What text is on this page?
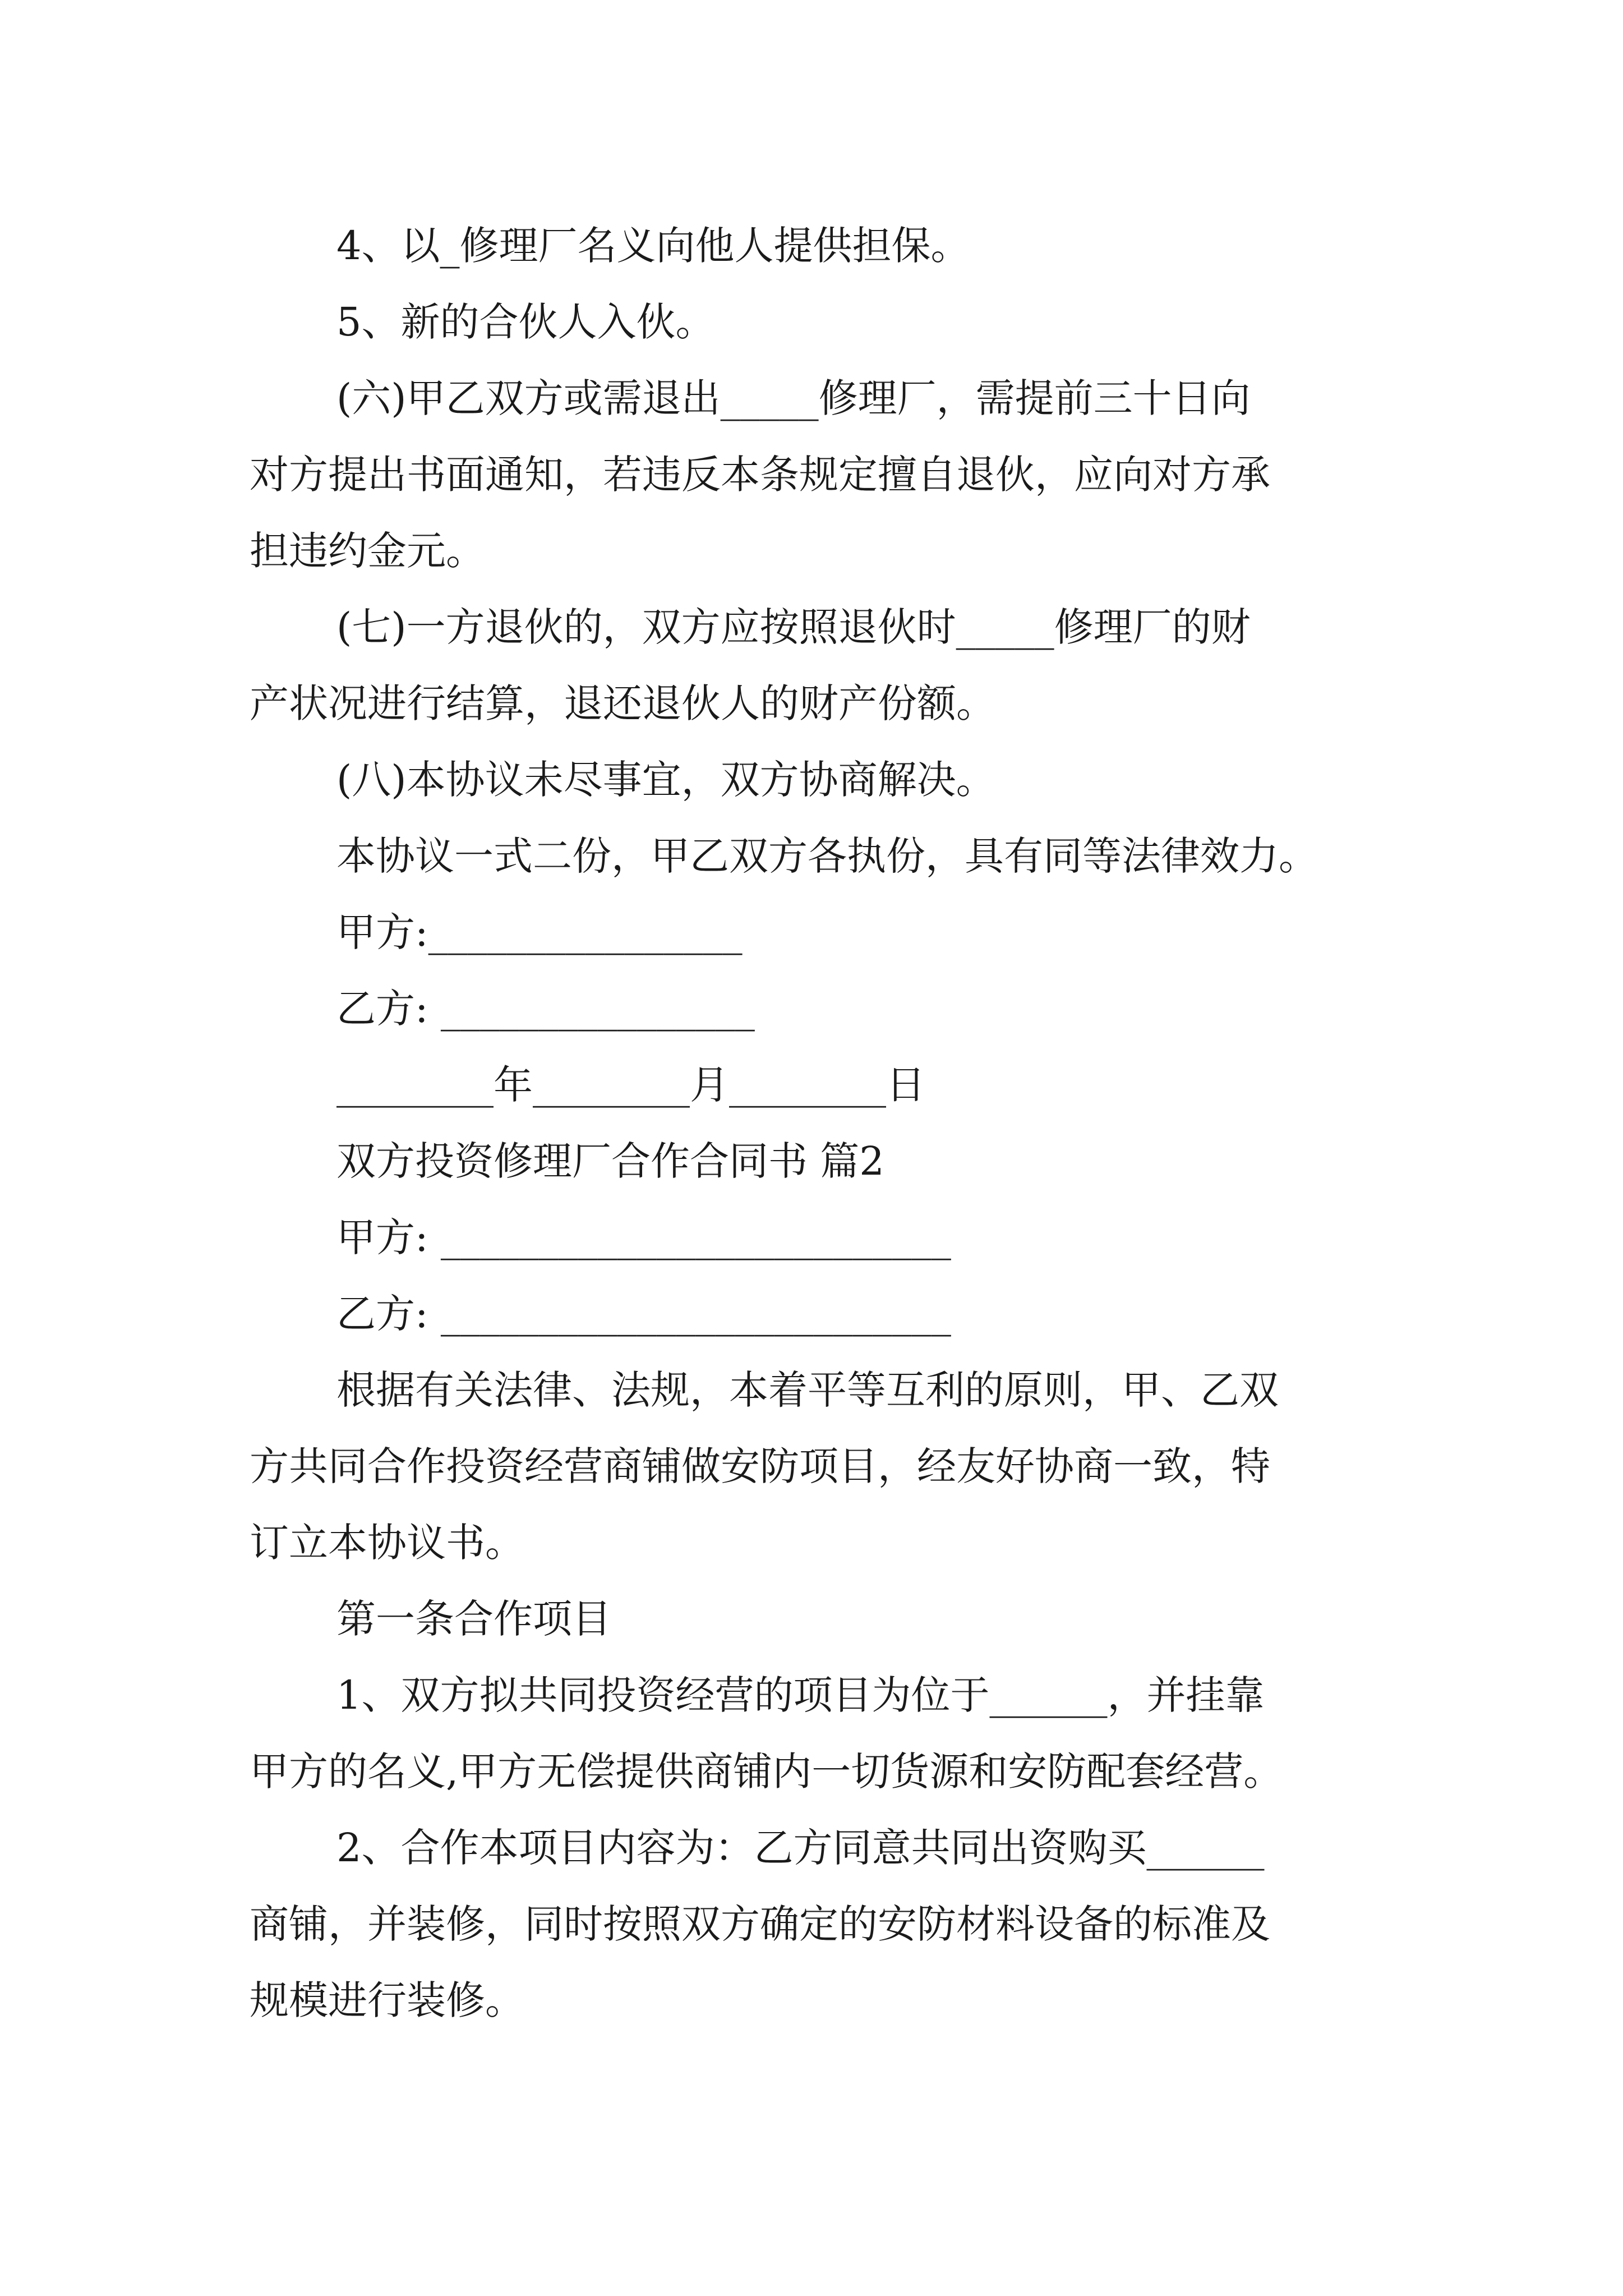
4、以_修理厂名义向他人提供担保。

5、新的合伙人入伙。

(六)甲乙双方或需退出_____修理厂，需提前三十日向

对方提出书面通知，若违反本条规定擅自退伙，应向对方承

担违约金元。

(七)一方退伙的，双方应按照退伙时_____修理厂的财

产状况进行结算，退还退伙人的财产份额。

(八)本协议未尽事宜，双方协商解决。

本协议一式二份，甲乙双方各执份，具有同等法律效力。

甲方:________________

乙方: ________________

________年________月________日

双方投资修理厂合作合同书 篇2

甲方: __________________________

乙方: __________________________

根据有关法律、法规，本着平等互利的原则，甲、乙双

方共同合作投资经营商铺做安防项目，经友好协商一致，特

订立本协议书。

第一条合作项目

1、双方拟共同投资经营的项目为位于______，并挂靠

甲方的名义,甲方无偿提供商铺内一切货源和安防配套经营。

2、合作本项目内容为：乙方同意共同出资购买______

商铺，并装修，同时按照双方确定的安防材料设备的标准及

规模进行装修。
